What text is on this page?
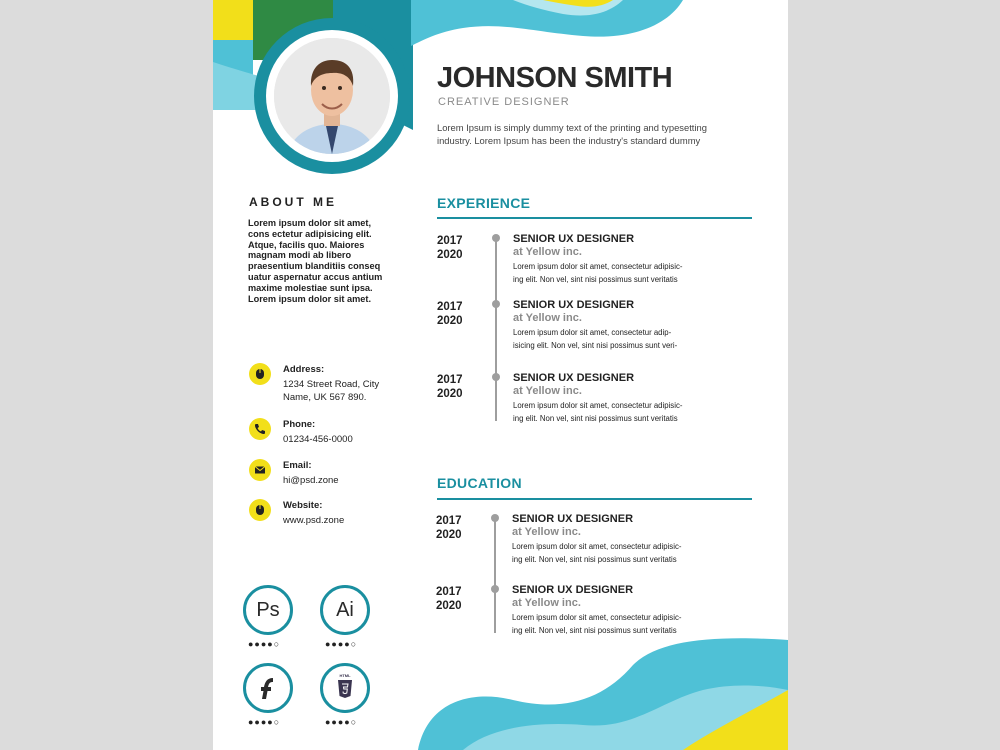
JOHNSON SMITH
CREATIVE DESIGNER
Lorem Ipsum is simply dummy text of the printing and typesetting industry. Lorem Ipsum has been the industry's standard dummy
ABOUT ME
Lorem ipsum dolor sit amet, cons ectetur adipisicing elit. Atque, facilis quo. Maiores magnam modi ab libero praesentium blanditiis conseq uatur aspernatur accus antium maxime molestiae sunt ipsa. Lorem ipsum dolor sit amet.
Address:
1234 Street Road, City
Name, UK 567 890.
Phone:
01234-456-0000
Email:
hi@psd.zone
Website:
www.psd.zone
Ps
●●●●○
Ai
●●●●○
●●●●○
HTML
●●●●○
EXPERIENCE
2017
2020
SENIOR UX DESIGNER
at Yellow inc.
Lorem ipsum dolor sit amet, consectetur adipisic-
ing elit. Non vel, sint nisi possimus sunt veritatis
2017
2020
SENIOR UX DESIGNER
at Yellow inc.
Lorem ipsum dolor sit amet, consectetur adip-
isicing elit. Non vel, sint nisi possimus sunt veri-
2017
2020
SENIOR UX DESIGNER
at Yellow inc.
Lorem ipsum dolor sit amet, consectetur adipisic-
ing elit. Non vel, sint nisi possimus sunt veritatis
EDUCATION
2017
2020
SENIOR UX DESIGNER
at Yellow inc.
Lorem ipsum dolor sit amet, consectetur adipisic-
ing elit. Non vel, sint nisi possimus sunt veritatis
2017
2020
SENIOR UX DESIGNER
at Yellow inc.
Lorem ipsum dolor sit amet, consectetur adipisic-
ing elit. Non vel, sint nisi possimus sunt veritatis
